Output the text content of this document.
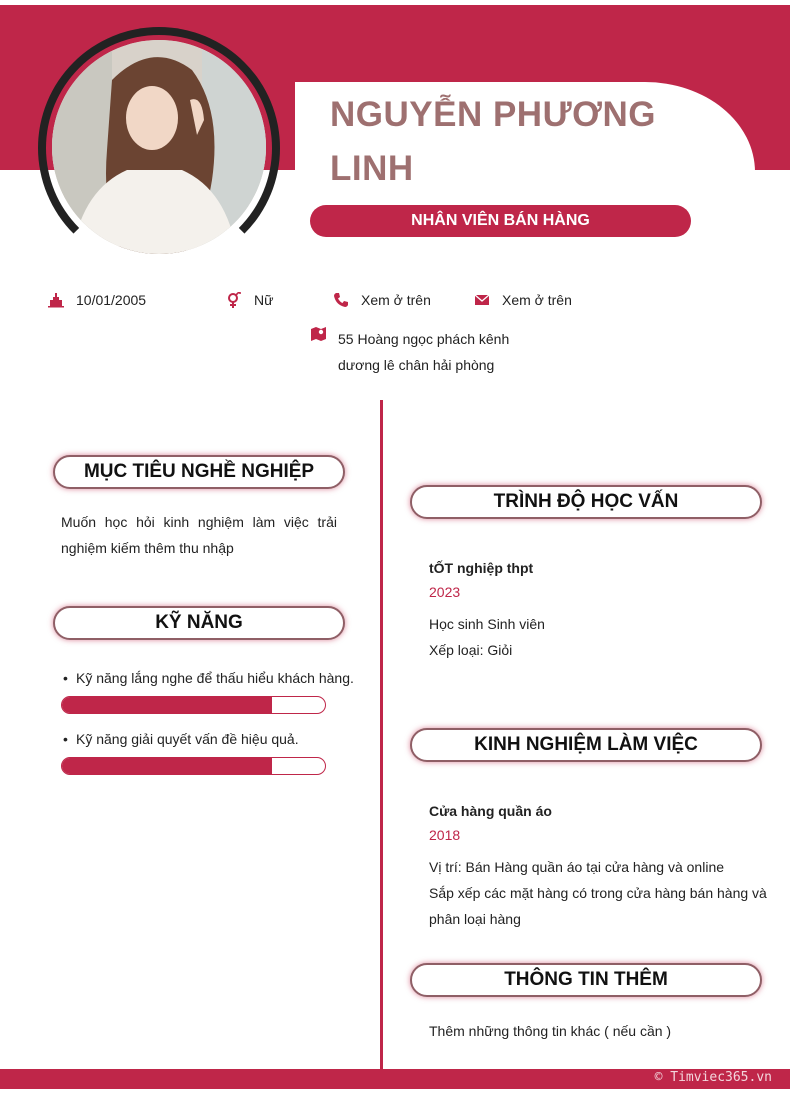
NGUYỄN PHƯƠNG
LINH
NHÂN VIÊN BÁN HÀNG
10/01/2005	Nữ	Xem ở trên	Xem ở trên
55 Hoàng ngọc phách kênh
dương lê chân hải phòng
MỤC TIÊU NGHỀ NGHIỆP
Muốn học hỏi kinh nghiệm làm việc trải nghiệm kiếm thêm thu nhập
KỸ NĂNG
• Kỹ năng lắng nghe để thấu hiểu khách hàng.
• Kỹ năng giải quyết vấn đề hiệu quả.
TRÌNH ĐỘ HỌC VẤN
tỐT nghiệp thpt
2023
Học sinh Sinh viên
Xếp loại: Giỏi
KINH NGHIỆM LÀM VIỆC
Cửa hàng quần áo
2018
Vị trí: Bán Hàng quần áo tại cửa hàng và online
Sắp xếp các mặt hàng có trong cửa hàng bán hàng và phân loại hàng
THÔNG TIN THÊM
Thêm những thông tin khác ( nếu cần )
© Timviec365.vn
